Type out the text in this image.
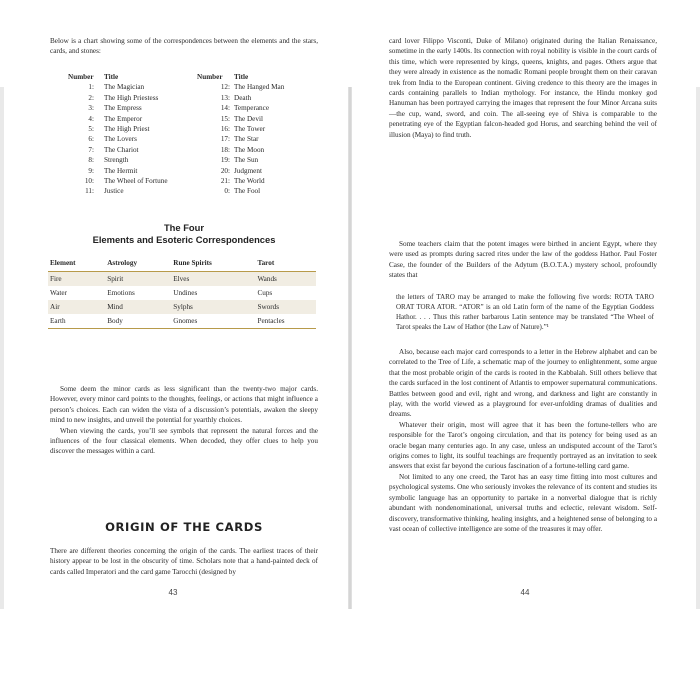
Below is a chart showing some of the correspondences between the elements and the stars, cards, and stones:

Number	Title	Number	Title
1: The Magician	12: The Hanged Man
2: The High Priestess	13: Death
3: The Empress	14: Temperance
4: The Emperor	15: The Devil
5: The High Priest	16: The Tower
6: The Lovers	17: The Star
7: The Chariot	18: The Moon
8: Strength	19: The Sun
9: The Hermit	20: Judgment
10: The Wheel of Fortune	21: The World
11: Justice	0: The Fool
The Four
Elements and Esoteric Correspondences
Element	Astrology	Rune Spirits	Tarot
Fire	Spirit	Elves	Wands
Water	Emotions	Undines	Cups
Air	Mind	Sylphs	Swords
Earth	Body	Gnomes	Pentacles

Some deem the minor cards as less significant than the twenty-two major cards. However, every minor card points to the thoughts, feelings, or actions that might influence a person’s choices. Each can widen the vista of a discussion’s potentials, awaken the sleepy mind to new insights, and unveil the potential for yearthly choices.

When viewing the cards, you’ll see symbols that represent the natural forces and the influences of the four classical elements. When decoded, they offer clues to help you discover the messages within a card.

ORIGIN OF THE CARDS

There are different theories concerning the origin of the cards. The earliest traces of their history appear to be lost in the obscurity of time. Scholars note that a hand-painted deck of cards called Imperatori and the card game Tarocchi (designed by

43

card lover Filippo Visconti, Duke of Milano) originated during the Italian Renaissance, sometime in the early 1400s. Its connection with royal nobility is visible in the court cards of this time, which were represented by kings, queens, knights, and pages. Others argue that they were already in existence as the nomadic Romani people brought them on their caravan trek from India to the European continent. Giving credence to this theory are the images in cards containing parallels to Indian mythology. For instance, the Hindu monkey god Hanuman has been portrayed carrying the images that represent the four Minor Arcana suits—the cup, wand, sword, and coin. The all-seeing eye of Shiva is comparable to the penetrating eye of the Egyptian falcon-headed god Horus, and searching behind the veil of illusion (Maya) to find truth.

Some teachers claim that the potent images were birthed in ancient Egypt, where they were used as prompts during sacred rites under the law of the goddess Hathor. Paul Foster Case, the founder of the Builders of the Adytum (B.O.T.A.) mystery school, profoundly states that

the letters of TARO may be arranged to make the following five words: ROTA TARO ORAT TORA ATOR. “ATOR” is an old Latin form of the name of the Egyptian Goddess Hathor. . . . Thus this rather barbarous Latin sentence may be translated “The Wheel of Tarot speaks the Law of Hathor (the Law of Nature).”¹

Also, because each major card corresponds to a letter in the Hebrew alphabet and can be correlated to the Tree of Life, a schematic map of the journey to enlightenment, some argue that the most probable origin of the cards is rooted in the Kabbalah. Still others believe that the cards surfaced in the lost continent of Atlantis to empower supernatural communications. Battles between good and evil, right and wrong, and darkness and light are constantly in play, with the world viewed as a playground for ever-unfolding dramas of dualities and dreams.

Whatever their origin, most will agree that it has been the fortune-tellers who are responsible for the Tarot’s ongoing circulation, and that its potency for being used as an oracle began many centuries ago. In any case, unless an undisputed account of the Tarot’s origins comes to light, its soulful teachings are frequently portrayed as an invitation to seek answers that exist far beyond the curious fascination of a fortune-telling card game.

Not limited to any one creed, the Tarot has an easy time fitting into most cultures and psychological systems. One who seriously invokes the relevance of its content and studies its symbolic language has an opportunity to partake in a nonverbal dialogue that is richly abundant with nondenominational, universal truths and eclectic, relevant wisdom. Self-discovery, transformative thinking, healing insights, and a heightened sense of belonging to a vast ocean of collective intelligence are some of the treasures it may offer.

44
